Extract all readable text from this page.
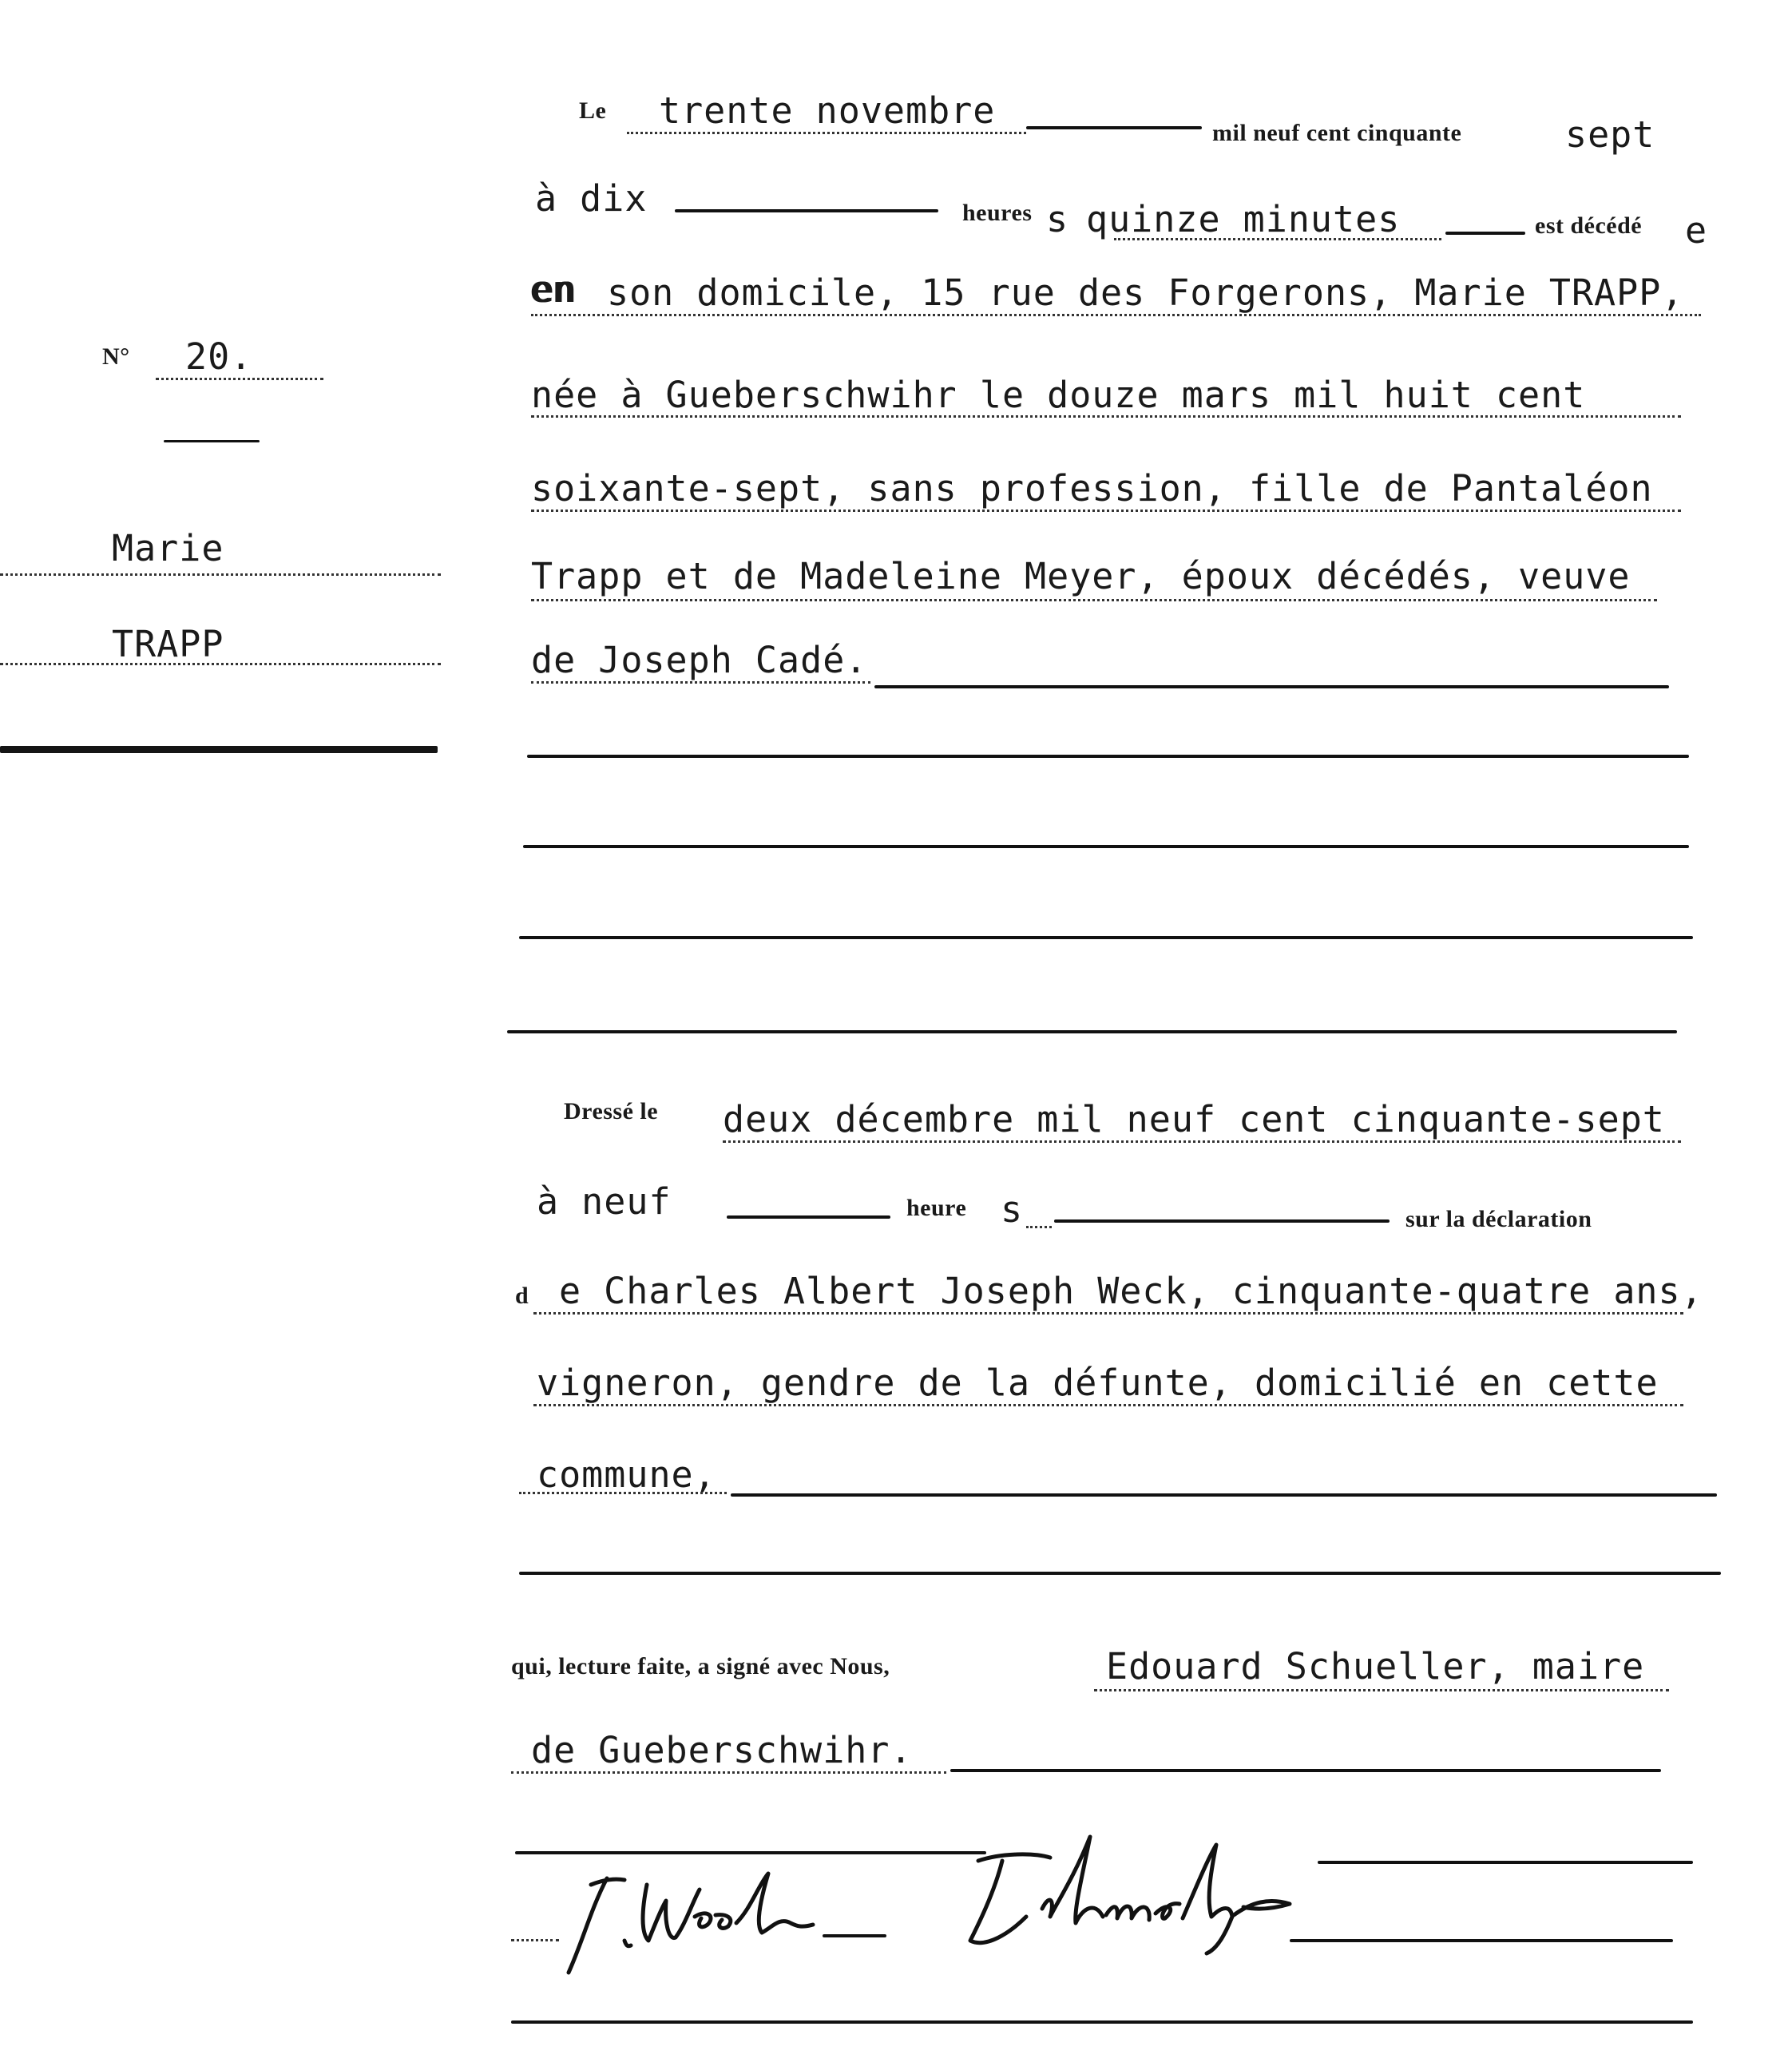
N° 20.
Marie
TRAPP
Le trente novembre
mil neuf cent cinquante	sept
à dix	heures s quinze minutes	est décédé e
en son domicile, 15 rue des Forgerons, Marie TRAPP,
née à Gueberschwihr le douze mars mil huit cent
soixante-sept, sans profession, fille de Pantaléon
Trapp et de Madeleine Meyer, époux décédés, veuve
de Joseph Cadé.
Dressé le deux décembre mil neuf cent cinquante-sept
à neuf	heure s	sur la déclaration
d e Charles Albert Joseph Weck, cinquante-quatre ans,
vigneron, gendre de la défunte, domicilié en cette
commune,
qui, lecture faite, a signé avec Nous,	Edouard Schueller, maire
de Gueberschwihr.
